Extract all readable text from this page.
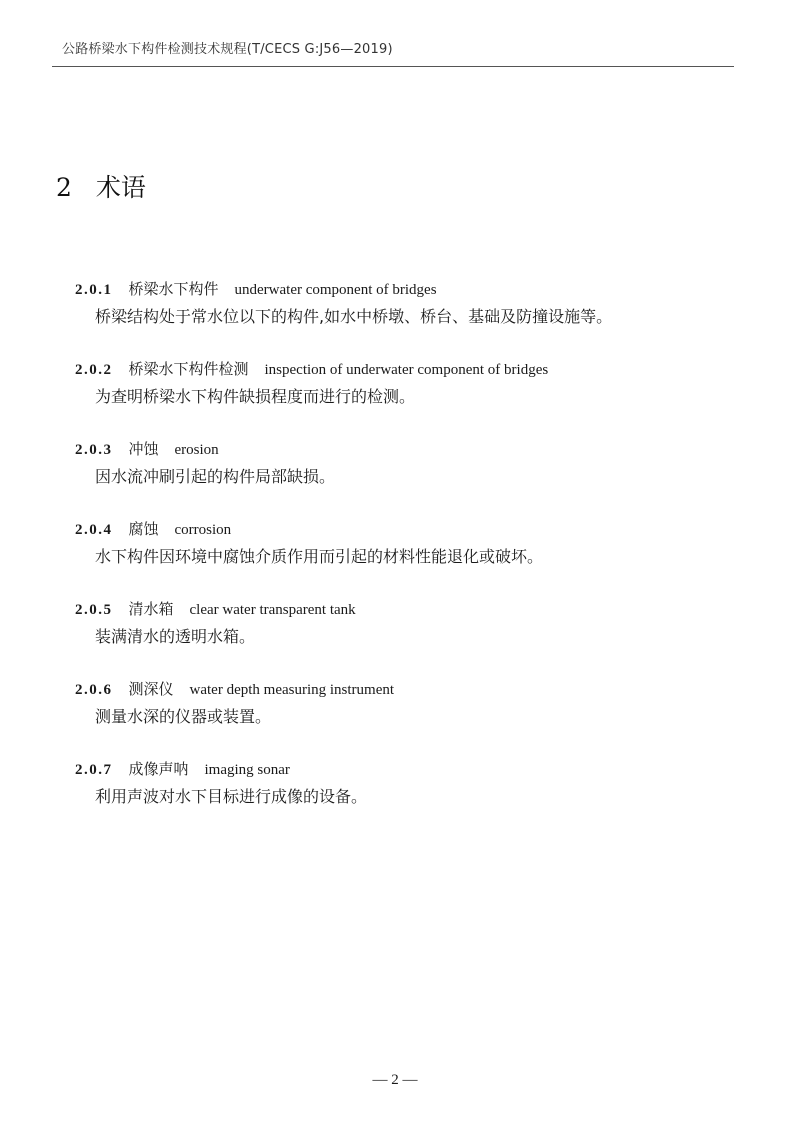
公路桥梁水下构件检测技术规程(T/CECS G:J56—2019)
2 术语
2.0.1 桥梁水下构件 underwater component of bridges
桥梁结构处于常水位以下的构件,如水中桥墩、桥台、基础及防撞设施等。
2.0.2 桥梁水下构件检测 inspection of underwater component of bridges
为查明桥梁水下构件缺损程度而进行的检测。
2.0.3 冲蚀 erosion
因水流冲刷引起的构件局部缺损。
2.0.4 腐蚀 corrosion
水下构件因环境中腐蚀介质作用而引起的材料性能退化或破坏。
2.0.5 清水箱 clear water transparent tank
装满清水的透明水箱。
2.0.6 测深仪 water depth measuring instrument
测量水深的仪器或装置。
2.0.7 成像声呐 imaging sonar
利用声波对水下目标进行成像的设备。
— 2 —
